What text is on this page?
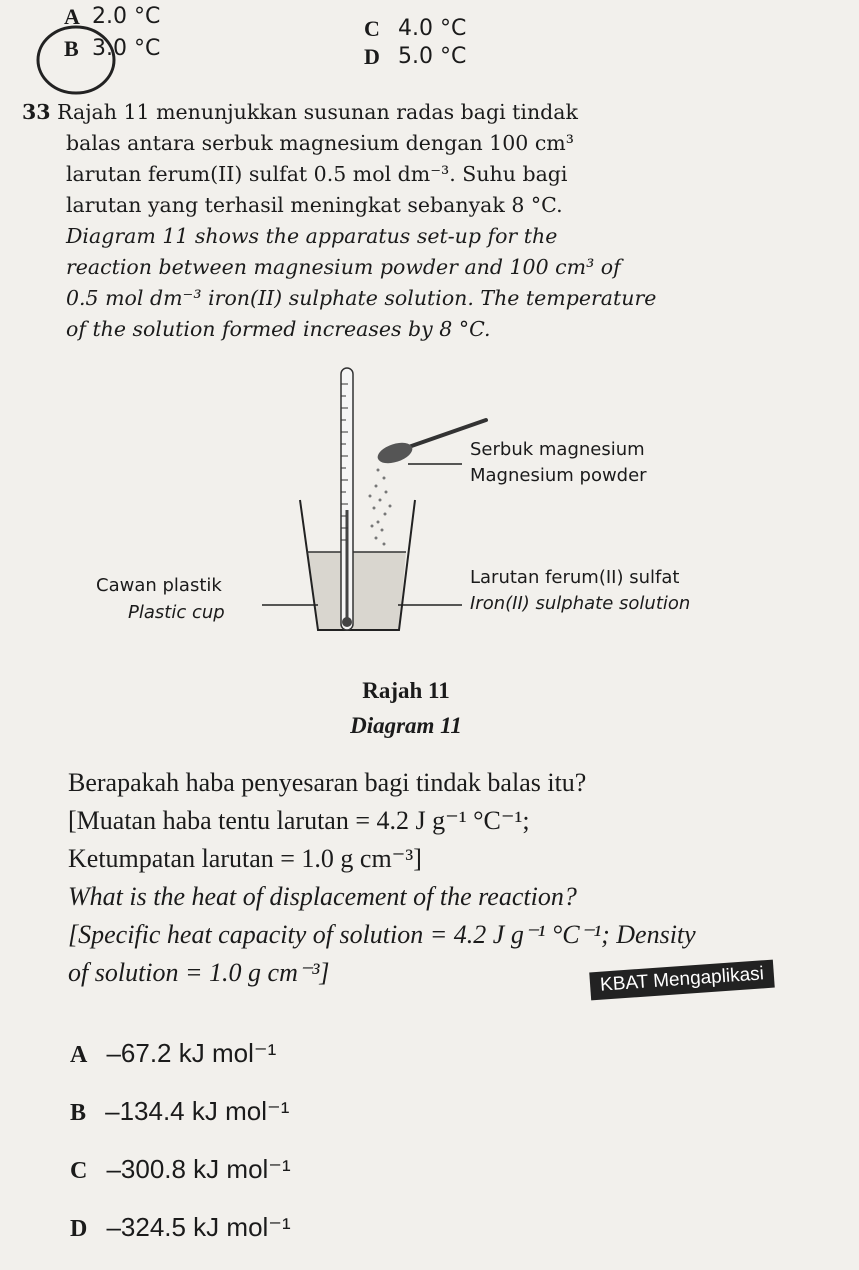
A 2.0 °C
B 3.0 °C
C 4.0 °C
D 5.0 °C
33 Rajah 11 menunjukkan susunan radas bagi tindak
balas antara serbuk magnesium dengan 100 cm³
larutan ferum(II) sulfat 0.5 mol dm⁻³. Suhu bagi
larutan yang terhasil meningkat sebanyak 8 °C.
Diagram 11 shows the apparatus set-up for the
reaction between magnesium powder and 100 cm³ of
0.5 mol dm⁻³ iron(II) sulphate solution. The temperature
of the solution formed increases by 8 °C.
Serbuk magnesium
Magnesium powder
Cawan plastik
Plastic cup
Larutan ferum(II) sulfat
Iron(II) sulphate solution
Rajah 11
Diagram 11
Berapakah haba penyesaran bagi tindak balas itu?
[Muatan haba tentu larutan = 4.2 J g⁻¹ °C⁻¹;
Ketumpatan larutan = 1.0 g cm⁻³]
What is the heat of displacement of the reaction?
[Specific heat capacity of solution = 4.2 J g⁻¹ °C⁻¹; Density
of solution = 1.0 g cm⁻³]	KBAT Mengaplikasi
A –67.2 kJ mol⁻¹
B –134.4 kJ mol⁻¹
C –300.8 kJ mol⁻¹
D –324.5 kJ mol⁻¹
